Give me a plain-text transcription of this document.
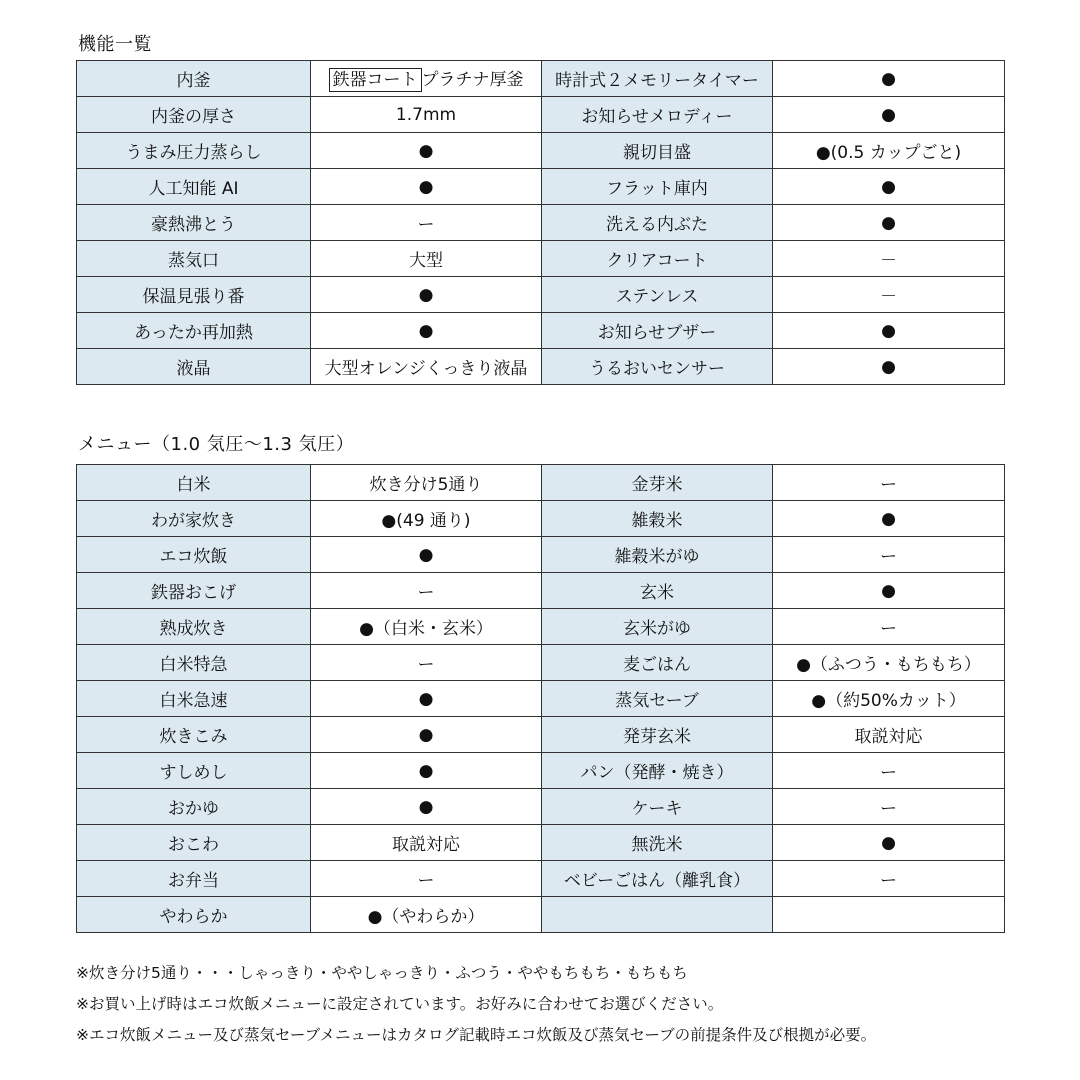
機能一覧
内釜	鉄器コート プラチナ厚釜	時計式２メモリータイマー	●
内釜の厚さ	1.7mm	お知らせメロディー	●
うまみ圧力蒸らし	●	親切目盛	●(0.5 カップごと)
人工知能 AI	●	フラット庫内	●
豪熱沸とう	ー	洗える内ぶた	●
蒸気口	大型	クリアコート	－
保温見張り番	●	ステンレス	－
あったか再加熱	●	お知らせブザー	●
液晶	大型オレンジくっきり液晶	うるおいセンサー	●
メニュー（1.0 気圧～1.3 気圧）
白米	炊き分け5通り	金芽米	ー
わが家炊き	●(49 通り)	雑穀米	●
エコ炊飯	●	雑穀米がゆ	ー
鉄器おこげ	ー	玄米	●
熟成炊き	●（白米・玄米）	玄米がゆ	ー
白米特急	ー	麦ごはん	●（ふつう・もちもち）
白米急速	●	蒸気セーブ	●（約50%カット）
炊きこみ	●	発芽玄米	取説対応
すしめし	●	パン（発酵・焼き）	ー
おかゆ	●	ケーキ	ー
おこわ	取説対応	無洗米	●
お弁当	ー	ベビーごはん（離乳食）	ー
やわらか	●（やわらか）		
※炊き分け5通り・・・しゃっきり・ややしゃっきり・ふつう・ややもちもち・もちもち
※お買い上げ時はエコ炊飯メニューに設定されています。お好みに合わせてお選びください。
※エコ炊飯メニュー及び蒸気セーブメニューはカタログ記載時エコ炊飯及び蒸気セーブの前提条件及び根拠が必要。
